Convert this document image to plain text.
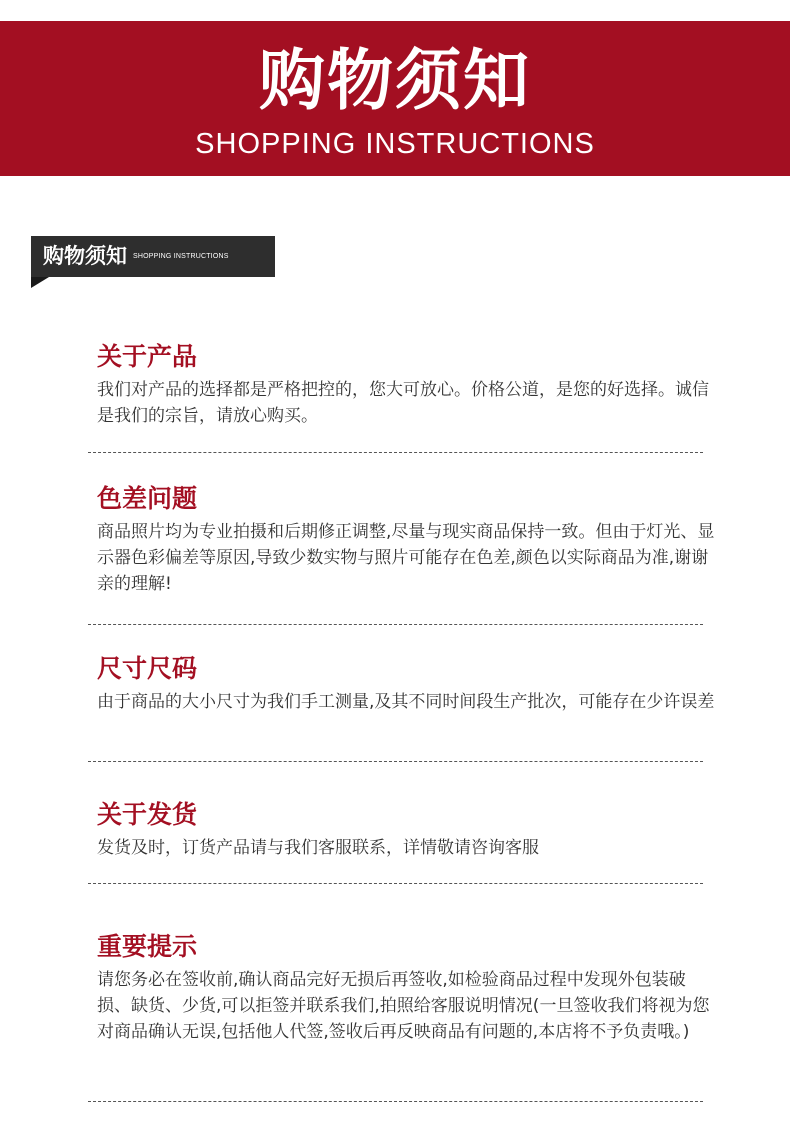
购物须知
SHOPPING INSTRUCTIONS
购物须知 SHOPPING INSTRUCTIONS
关于产品

我们对产品的选择都是严格把控的，您大可放心。价格公道，是您的好选择。诚信是我们的宗旨，请放心购买。

色差问题

商品照片均为专业拍摄和后期修正调整,尽量与现实商品保持一致。但由于灯光、显示器色彩偏差等原因,导致少数实物与照片可能存在色差,颜色以实际商品为准,谢谢亲的理解!

尺寸尺码

由于商品的大小尺寸为我们手工测量,及其不同时间段生产批次，可能存在少许误差

关于发货

发货及时，订货产品请与我们客服联系，详情敬请咨询客服

重要提示

请您务必在签收前,确认商品完好无损后再签收,如检验商品过程中发现外包装破损、缺货、少货,可以拒签并联系我们,拍照给客服说明情况(一旦签收我们将视为您对商品确认无误,包括他人代签,签收后再反映商品有问题的,本店将不予负责哦。)
